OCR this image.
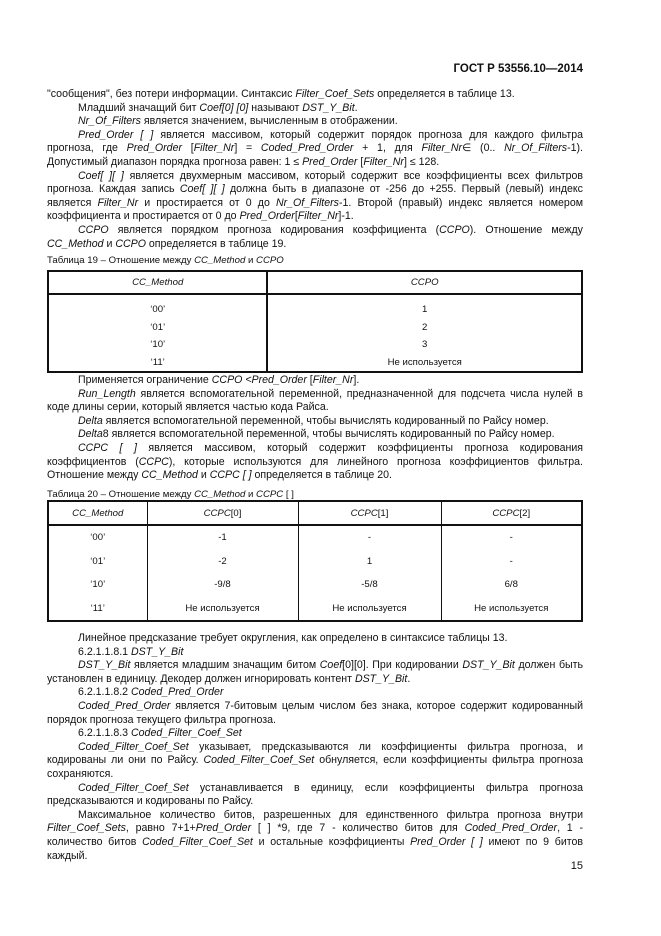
ГОСТ Р 53556.10—2014
"сообщения", без потери информации. Синтаксис Filter_Coef_Sets определяется в таблице 13.
Младший значащий бит Coef[0] [0] называют DST_Y_Bit.
Nr_Of_Filters является значением, вычисленным в отображении.
Pred_Order [ ] является массивом, который содержит порядок прогноза для каждого фильтра прогноза, где Pred_Order [Filter_Nr] = Coded_Pred_Order + 1, для Filter_Nr∈ (0.. Nr_Of_Filters-1). Допустимый диапазон порядка прогноза равен: 1 ≤ Pred_Order [Filter_Nr] ≤ 128.
Coef[ ][ ] является двухмерным массивом, который содержит все коэффициенты всех фильтров прогноза. Каждая запись Coef[ ][ ] должна быть в диапазоне от -256 до +255. Первый (левый) индекс является Filter_Nr и простирается от 0 до Nr_Of_Filters-1. Второй (правый) индекс является номером коэффициента и простирается от 0 до Pred_Order[Filter_Nr]-1.
CCPO является порядком прогноза кодирования коэффициента (CCPO). Отношение между CC_Method и CCPO определяется в таблице 19.
Таблица 19 – Отношение между CC_Method и CCPO
CC_Method	CCPO
‘00’	1
‘01’	2
‘10’	3
‘11’	Не используется
Применяется ограничение CCPO <Pred_Order [Filter_Nr].
Run_Length является вспомогательной переменной, предназначенной для подсчета числа нулей в коде длины серии, который является частью кода Райса.
Delta является вспомогательной переменной, чтобы вычислять кодированный по Райсу номер.
Delta8 является вспомогательной переменной, чтобы вычислять кодированный по Райсу номер.
CCPC [ ] является массивом, который содержит коэффициенты прогноза кодирования коэффициентов (CCPC), которые используются для линейного прогноза коэффициентов фильтра. Отношение между CC_Method и CCPC [ ] определяется в таблице 20.
Таблица 20 – Отношение между CC_Method и CCPC [ ]
CC_Method	CCPC[0]	CCPC[1]	CCPC[2]
‘00’	-1	-	-
‘01’	-2	1	-
‘10’	-9/8	-5/8	6/8
‘11’	Не используется	Не используется	Не используется
Линейное предсказание требует округления, как определено в синтаксисе таблицы 13.
6.2.1.1.8.1 DST_Y_Bit
DST_Y_Bit является младшим значащим битом Coef[0][0]. При кодировании DST_Y_Bit должен быть установлен в единицу. Декодер должен игнорировать контент DST_Y_Bit.
6.2.1.1.8.2 Coded_Pred_Order
Coded_Pred_Order является 7-битовым целым числом без знака, которое содержит кодированный порядок прогноза текущего фильтра прогноза.
6.2.1.1.8.3 Coded_Filter_Coef_Set
Coded_Filter_Coef_Set указывает, предсказываются ли коэффициенты фильтра прогноза, и кодированы ли они по Райсу. Coded_Filter_Coef_Set обнуляется, если коэффициенты фильтра прогноза сохраняются.
Coded_Filter_Coef_Set устанавливается в единицу, если коэффициенты фильтра прогноза предсказываются и кодированы по Райсу.
Максимальное количество битов, разрешенных для единственного фильтра прогноза внутри Filter_Coef_Sets, равно 7+1+Pred_Order [ ] *9, где 7 - количество битов для Coded_Pred_Order, 1 - количество битов Coded_Filter_Coef_Set и остальные коэффициенты Pred_Order [ ] имеют по 9 битов каждый.
15
